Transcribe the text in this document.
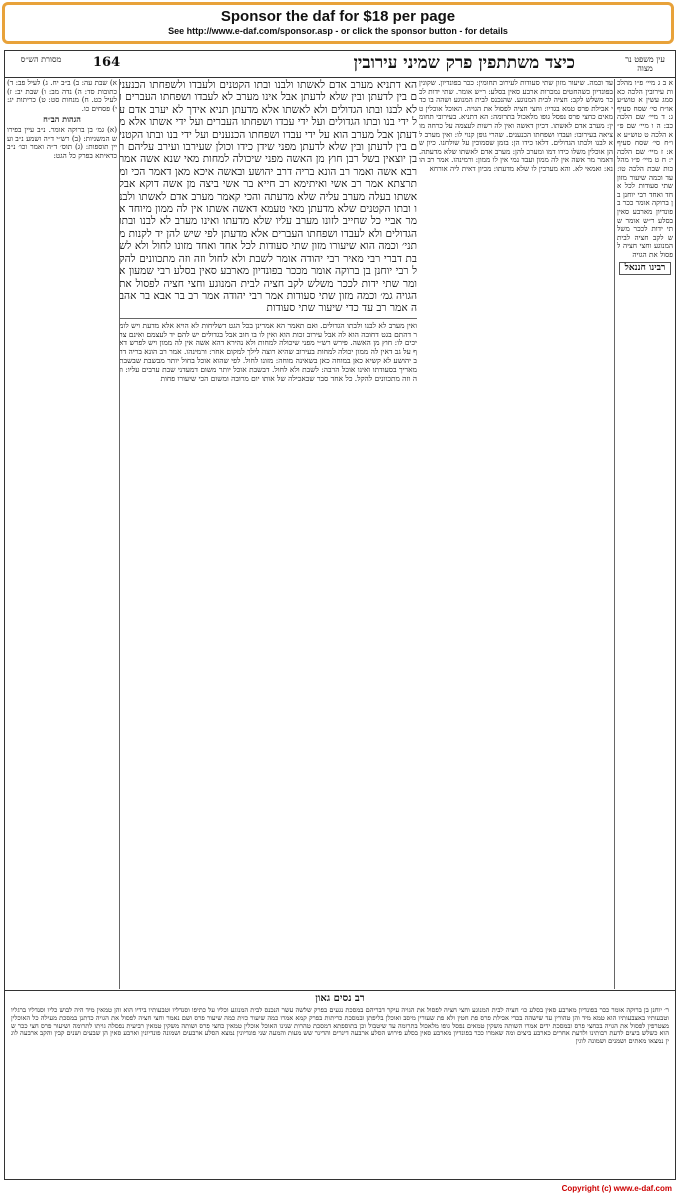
Sponsor the daf for $18 per page
See http://www.e-daf.com/sponsor.asp - or click the sponsor button - for details
עין משפט נר מצוה
כיצד משתתפין פרק שמיני עירובין
164
מסורת הש״ס
א ב ג מיי׳ פ״ו מהלכות עירובין הלכה כא סמג עשין א טוש״ע או״ח סי׳ שסח סעיף ג: ד מיי׳ שם הלכה כב: ה ו מיי׳ שם פ״א הלכה ט טוש״ע או״ח סי׳ שסח סעיף א: ז מיי׳ שם הלכה י: ח ט מיי׳ פ״ו מהלכות שבת הלכה טו: עד וכמה שיעור מזון שתי סעודות לכל אחד ואחד רבי יוחנן בן ברוקה אומר ככר בפונדיון מארבע סאין בסלע ר״ש אומר שתי ידות לככר משלש לקב חציה לבית המנוגע וחצי חציה לפסול את הגויה
רבינו חננאל
עד וכמה. שיעור מזון שתי סעודות לעירוב תחומין: ככר בפונדיון. שקונין בפונדיון כשהחטים נמכרות ארבע סאין בסלע: ר״ש אומר. שתי ידות לככר משלש לקב: חציה לבית המנוגע. שהנכנס לבית המנוגע ושהה בו כדי אכילת פרס טמא בגדיו: וחצי חציה לפסול את הגויה. האוכל אוכלין טמאים כחצי פרס נפסל גופו מלאכול בתרומה: הא דתניא. בעירובי תחומין: מערב אדם לאשתו. דכיון דאשה ואין לה רשות לעצמה על כרחה מוציאה בעירובו: ועבדו ושפחתו הכנענים. שהרי גופן קנוי לו: ואין מערב לא לבנו ולבתו הגדולים. דלאו כידו הן: בזמן שסמוכין על שולחנו. כיון שהן אוכלין משלו כידו דמו ומערב להן: מערב אדם לאשתו שלא מדעתה. דאמר מר אשה אין לה ממון ועבד נמי אין לו ממון: ורמינהו. אמר רב הונא: ואמאי לא. והא מערבין לו שלא מדעתו: מכיון דאית ליה אורחא
הא דתניא מערב אדם לאשתו ולבנו ובתו הקטנים ולעבדו ולשפחתו הכנענים בין לדעתן ובין שלא לדעתן אבל אינו מערב לא לעבדו ושפחתו העברים ולא לבנו ובתו הגדולים ולא לאשתו אלא מדעתן תניא אידך לא יערב אדם על ידי בנו ובתו הגדולים ועל ידי עבדו ושפחתו העברים ועל ידי אשתו אלא מדעתן אבל מערב הוא על ידי עבדו ושפחתו הכנענים ועל ידי בנו ובתו הקטנים בין לדעתן ובין שלא לדעתן מפני שידן כידו וכולן שעירבו ועירב עליהם רבן יוצאין בשל רבן חוץ מן האשה מפני שיכולה למחות מאי שנא אשה אמר רבא אשה ואמר רב הונא בריה דרב יהושע ובאשה איכא מאן דאמר הכי ומתרצתא אמר רב אשי ואיתימא רב חייא בר אשי ביצה מן אשה דוקא אבל אשתו בעלה מערב עליה שלא מדעתה והכי קאמר מערב אדם לאשתו ולבנו ובתו הקטנים שלא מדעתן מאי טעמא דאשה אשתו אין לה ממון מיוחד אמר אביי כל שחייב לזונו מערב עליו שלא מדעתו ואינו מערב לא לבנו ובתו הגדולים ולא לעבדו ושפחתו העברים אלא מדעתן לפי שיש להן יד לקנות מתני׳ וכמה הוא שיעורו מזון שתי סעודות לכל אחד ואחד מזונו לחול ולא לשבת דברי רבי מאיר רבי יהודה אומר לשבת ולא לחול וזה וזה מתכוונים להקל רבי יוחנן בן ברוקה אומר מככר בפונדיון מארבע סאין בסלע רבי שמעון אומר שתי ידות לככר משלש לקב חציה לבית המנוגע וחצי חציה לפסול את הגויה גמ׳ וכמה מזון שתי סעודות אמר רבי יהודה אמר רב בר אבא בר אהבה אמר רב עד כדי שיעור שתי סעודות
ואין מערב לא לבנו ולבתו הגדולים. ואם תאמר הא אמרינן בכל הגט דשליחות לא הויא אלא מדעת ויש לומר דהתם בגט דחובה הוא לה אבל עירוב זכות הוא ואין לו בו חוב אבל בגדולים יש להם יד לעצמם ואינם צריכים לו: חוץ מן האשה. פירש רש״י מפני שיכולה למחות ולא נהירא דהא אשה אין לה ממון ויש לפרש דאף על גב דאין לה ממון יכולה למחות בעירוב שהיא רוצה לילך למקום אחר: ורמינהו. אמר רב הונא בריה דרב יהושע לא קשיא כאן במוחה כאן בשאינה מוחה: מזונו לחול. לפי שהוא אוכל בחול יותר מבשבת שבשבת מאריך בסעודתו ואינו אוכל הרבה: לשבת ולא לחול. דבשבת אוכל יותר משום דמעדני שבת ערבים עליו: וזה וזה מתכוונים להקל. כל אחד סבר שבאכילה של אותו יום מרובה ומשום הכי שיעורו פחות
א) שבת עה: ב) ב״ב יח. ג) לעיל פב: ד) כתובות סד: ה) נדה מב: ו) שבת יב: ז) לעיל כט. ח) מנחות סט: ט) כריתות יג: י) פסחים כו.
הגהות הב״ח
(א) גמ׳ בן ברוקה אומר. נ״ב עיין בפירוש המשניות: (ב) רש״י ד״ה ושמע נ״ב ועיין תוספות: (ג) תוס׳ ד״ה ואמר וכו׳ נ״ב כדאיתא בפרק כל הגט:
רב נסים גאון
ר׳ יוחנן בן ברוקה אומר ככר בפונדיון מארבע סאין בסלע כו׳ חציה לבית המנוגע וחצי חציה לפסול את הגויה עיקר דבריהם במסכת נגעים בפרק שלשה עשר הנכנס לבית המנוגע וכליו על כתיפו וסנדליו וטבעותיו בידיו הוא והן טמאין מיד היה לבוש כליו וסנדליו ברגליו וטבעותיו באצבעותיו הוא טמא מיד והן טהורין עד שישהה בכדי אכילת פרס פת חטין ולא פת שעורין מיסב ואוכלן בליפתן ובמסכת כריתות בפרק קמא אמרו כמה שיעור כזית כמה שיעור פרס ושם נאמר וחצי חציה לפסול את הגויה כדתנן במסכת מעילה כל האוכלין מצטרפין לפסול את הגויה בכחצי פרס ובמסכת ידים אמרו השותה משקין טמאים נפסל גופו מלאכול בתרומה עד שיטבול וכן בתוספתא דמסכת טהרות שנינו האוכל אוכלין טמאין כחצי פרס ושותה משקין טמאין רביעית נפסלה גויתו לתרומה ושיעור פרס חצי ככר שהוא כשלש ביצים לדעת רבותינו ולדעת אחרים כארבע ביצים ומה שאמרו ככר בפונדיון מארבע סאין בסלע פירוש הסלע ארבעה דינרים והדינר שש מעות והמעה שני פונדיונין נמצא הסלע ארבעים ושמונה פונדיונין וארבע סאין הן שבעים ושנים קבין והקב ארבעה לוגין נמצאו מאתים ושמנים ושמונה לוגין
Copyright (c) www.e-daf.com
